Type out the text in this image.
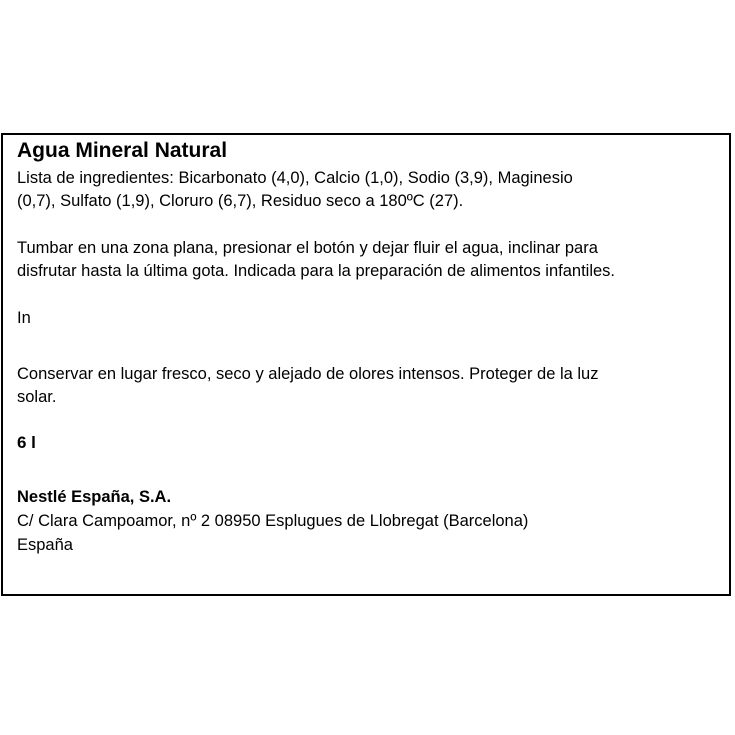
Agua Mineral Natural

Lista de ingredientes: Bicarbonato (4,0), Calcio (1,0), Sodio (3,9), Maginesio
(0,7), Sulfato (1,9), Cloruro (6,7), Residuo seco a 180ºC (27).

Tumbar en una zona plana, presionar el botón y dejar fluir el agua, inclinar para
disfrutar hasta la última gota. Indicada para la preparación de alimentos infantiles.

In

Conservar en lugar fresco, seco y alejado de olores intensos. Proteger de la luz
solar.

6 l

Nestlé España, S.A.

C/ Clara Campoamor, nº 2 08950 Esplugues de Llobregat (Barcelona)

España
